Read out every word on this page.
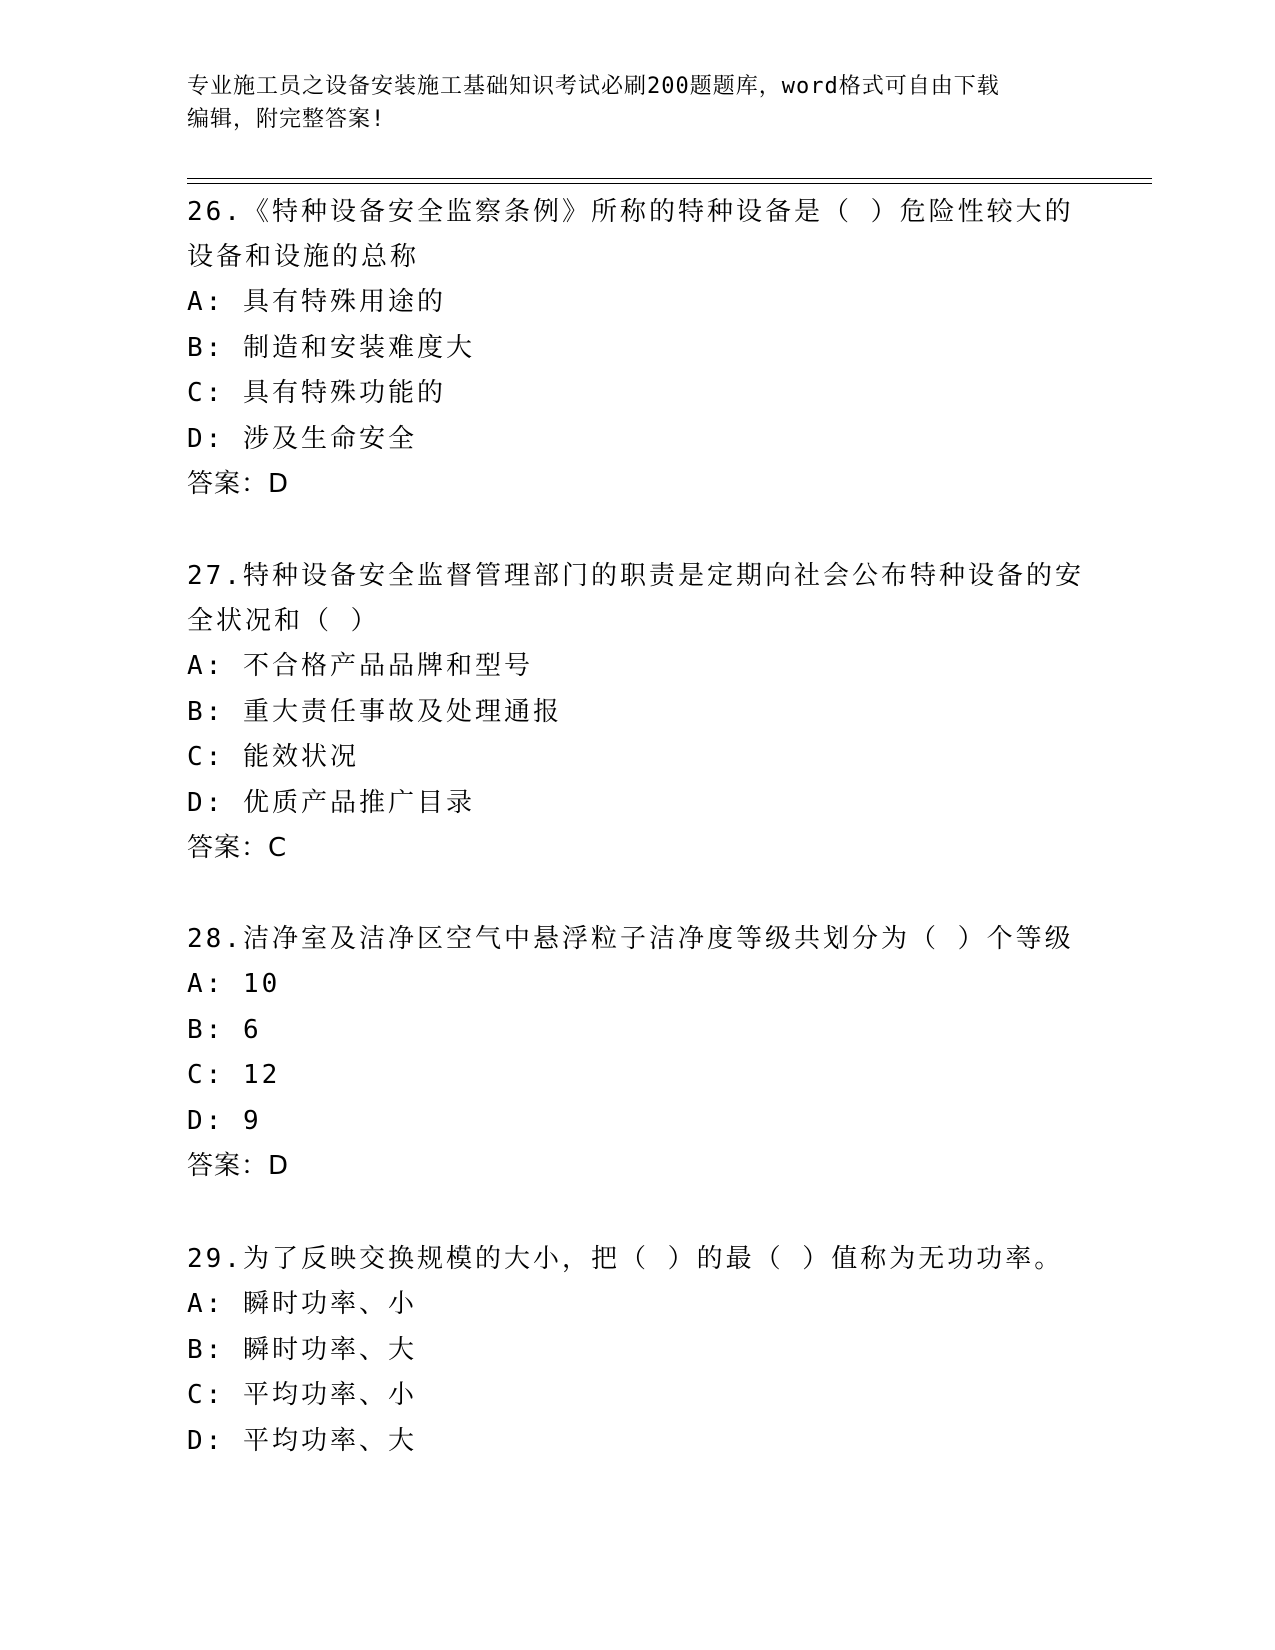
专业施工员之设备安装施工基础知识考试必刷200题题库，word格式可自由下载
编辑，附完整答案!

26.《特种设备安全监察条例》所称的特种设备是（ ）危险性较大的

设备和设施的总称

A: 具有特殊用途的

B: 制造和安装难度大

C: 具有特殊功能的

D: 涉及生命安全

答案：D

27.特种设备安全监督管理部门的职责是定期向社会公布特种设备的安

全状况和（ ）

A: 不合格产品品牌和型号

B: 重大责任事故及处理通报

C: 能效状况

D: 优质产品推广目录

答案：C

28.洁净室及洁净区空气中悬浮粒子洁净度等级共划分为（ ）个等级

A: 10

B: 6

C: 12

D: 9

答案：D

29.为了反映交换规模的大小，把（ ）的最（ ）值称为无功功率。

A: 瞬时功率、小

B: 瞬时功率、大

C: 平均功率、小

D: 平均功率、大
